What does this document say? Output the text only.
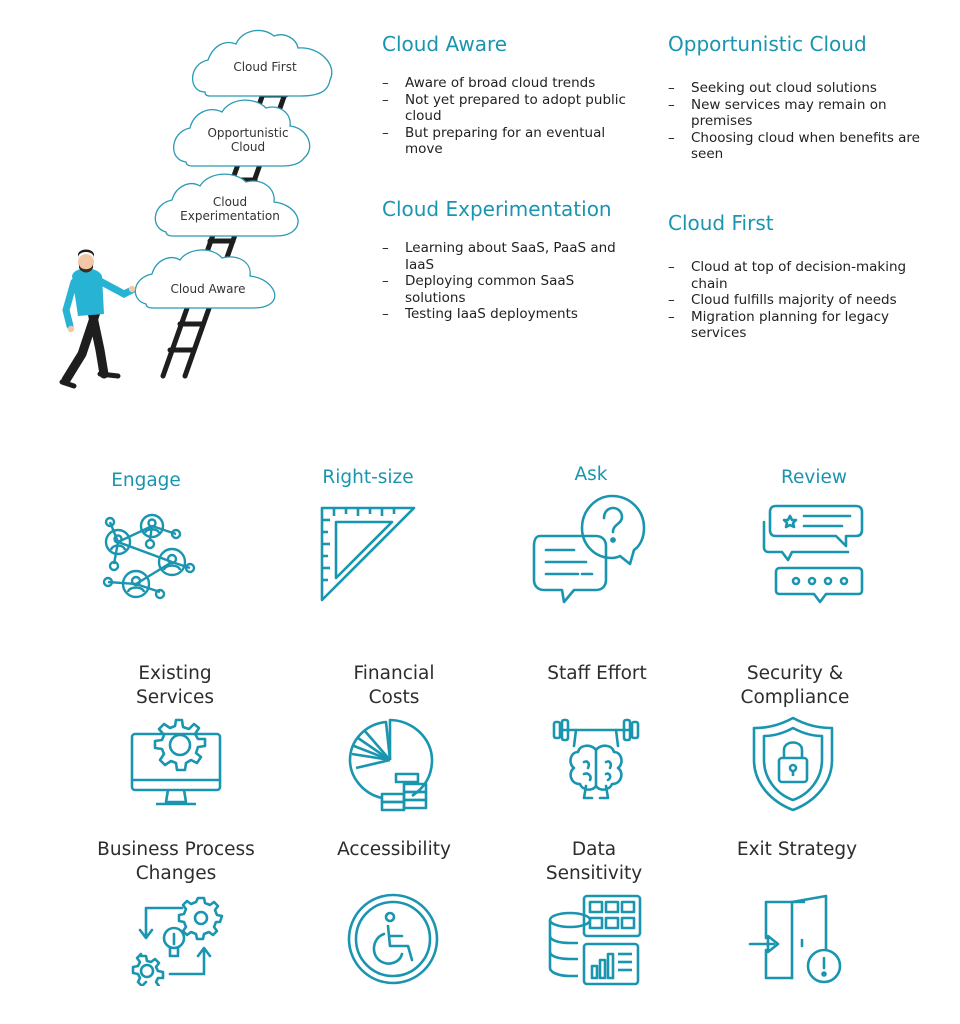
Cloud First
Opportunistic Cloud
Cloud Experimentation
Cloud Aware
Cloud Aware
– Aware of broad cloud trends
– Not yet prepared to adopt public cloud
– But preparing for an eventual move
Opportunistic Cloud
– Seeking out cloud solutions
– New services may remain on premises
– Choosing cloud when benefits are seen
Cloud Experimentation
– Learning about SaaS, PaaS and IaaS
– Deploying common SaaS solutions
– Testing IaaS deployments
Cloud First
– Cloud at top of decision-making chain
– Cloud fulfills majority of needs
– Migration planning for legacy services
Engage	Right-size	Ask	Review
Existing Services
Financial Costs
Staff Effort	Security & Compliance
Business Process Changes
Accessibility	Data Sensitivity
Exit Strategy
